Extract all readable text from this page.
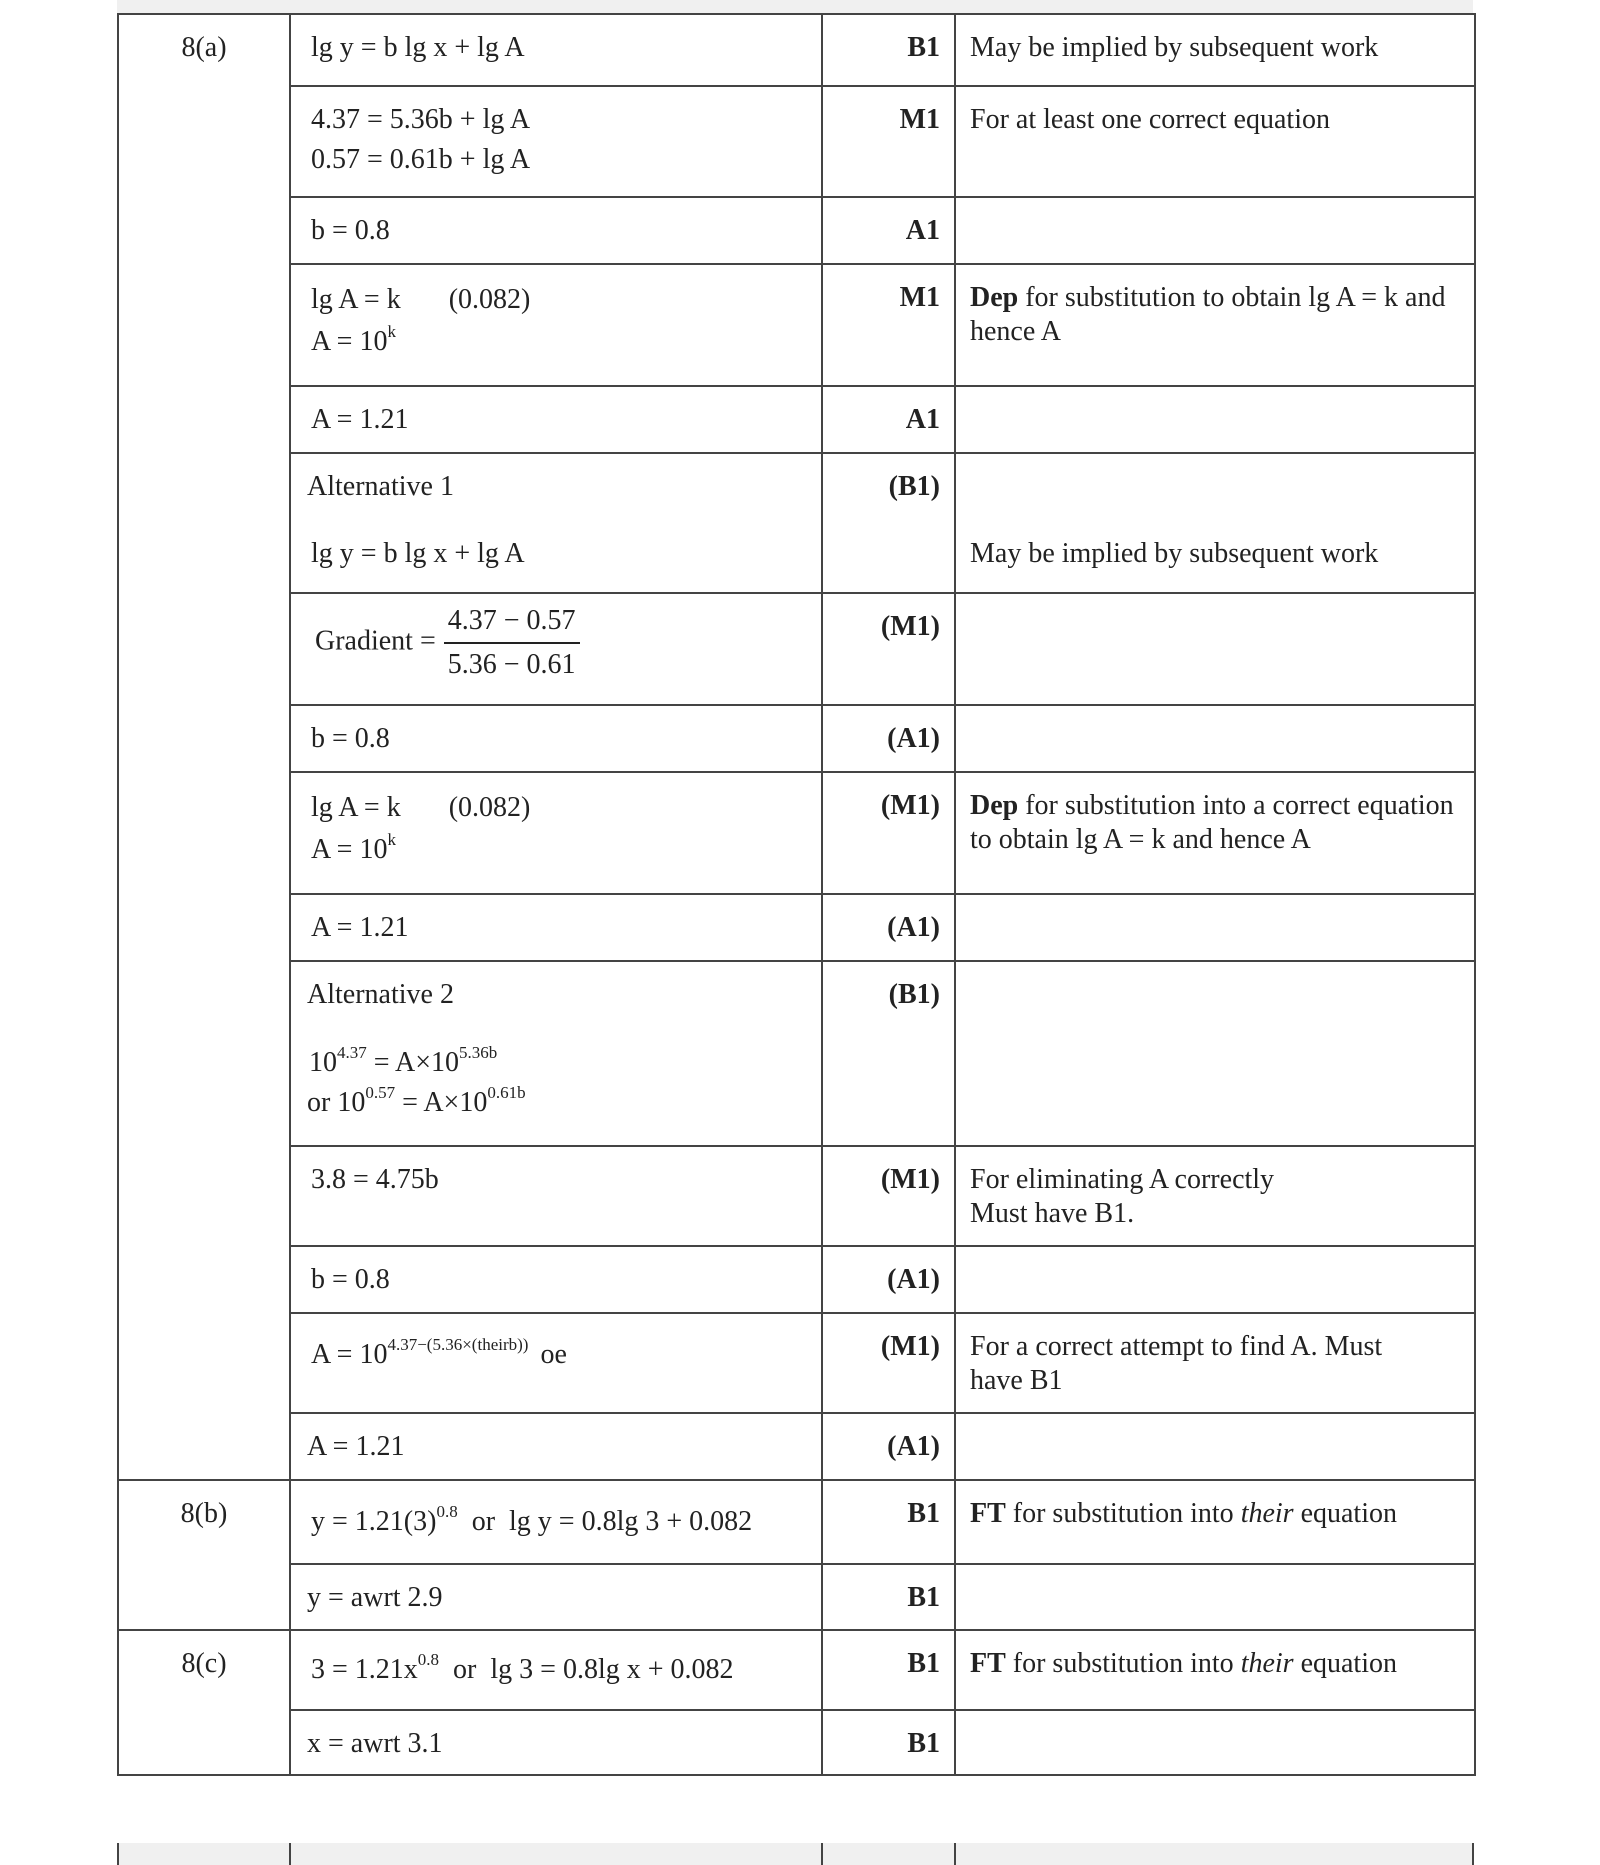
8(a)	lg y = b lg x + lg A	B1	May be implied by subsequent work

	4.37 = 5.36b + lg A
0.57 = 0.61b + lg A	M1	For at least one correct equation
	b = 0.8	A1	

	lg A = k (0.082)
$A = 10^k$	M1	Dep for substitution to obtain lg A = k and hence A
	A = 1.21	A1	

	Alternative 1
lg y = b lg x + lg A	(B1)	May be implied by subsequent work
	Gradient = $\frac{4.37 - 0.57}{5.36 - 0.61}$	(M1)	
	b = 0.8	(A1)	

	lg A = k (0.082)
$A = 10^k$	(M1)	Dep for substitution into a correct equation to obtain lg A = k and hence A
	A = 1.21	(A1)	

	Alternative 2
$10^{4.37} = A\times 10^{5.36b}$
or $10^{0.57} = A\times 10^{0.61b}$	(B1)	
	3.8 = 4.75b	(M1)	For eliminating A correctly
Must have B1.

	b = 0.8	(A1)	
	$A = 10^{4.37-(5.36\times(theirb))}$ oe	(M1)	For a correct attempt to find A. Must
have B1

	A = 1.21	(A1)	
8(b)	$y = 1.21(3)^{0.8}$  or  lg y = 0.8lg 3 + 0.082	B1	FT for substitution into their equation
	y = awrt 2.9	B1	
8(c)	$3 = 1.21x^{0.8}$  or  lg 3 = 0.8lg x + 0.082	B1	FT for substitution into their equation
	x = awrt 3.1	B1	
